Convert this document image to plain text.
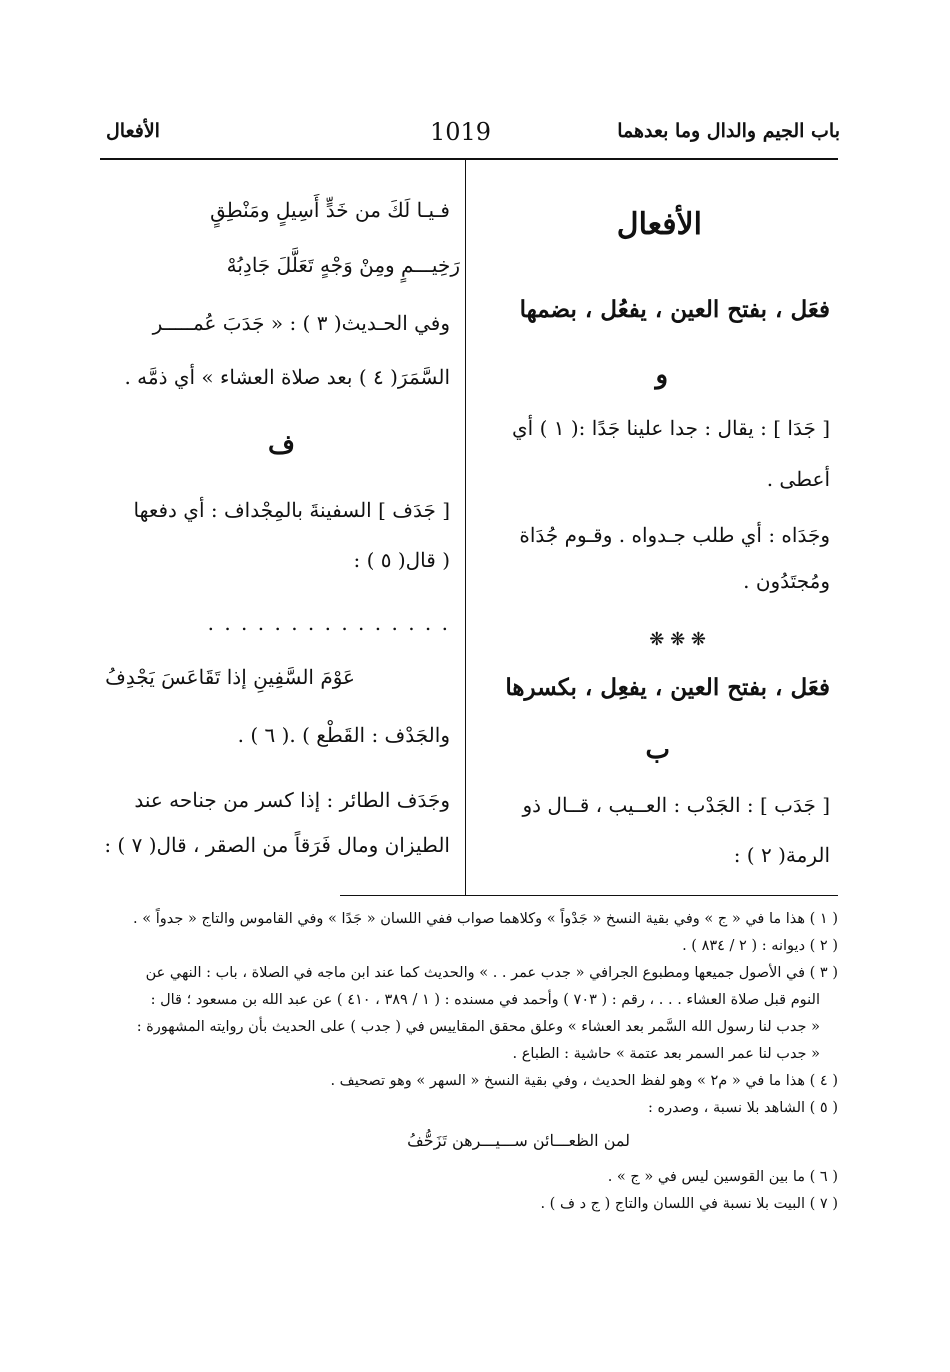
باب الجيم والدال وما بعدهما
1019
الأفعال
الأفعال
فعَل ، بفتح العين ، يفعُل ، بضمها
و
[ جَدَا ] : يقال : جدا علينا جَدًا :( ١ ) أي
أعطى .
وجَدَاه : أي طلب جـدواه . وقـوم جُدَاة
ومُجتَدُون .
❋ ❋ ❋
فعَل ، بفتح العين ، يفعِل ، بكسرها
ب
[ جَدَب ] : الجَدْب : العــيب ، قــال ذو
الرمة( ٢ ) :
فـيـا لَكَ من خَدٍّ أَسِيلٍ ومَنْطِقٍ
رَخِيـــمٍ ومِنْ وَجْهٍ تَعَلَّلَ جَادِبُهْ
وفي الحـديث( ٣ ) : « جَدَبَ عُمـــــر
السَّمَرَ( ٤ ) بعد صلاة العشاء » أي ذمَّه .
ف
[ جَدَف ] السفينةَ بالمِجْداف : أي دفعها
( قال( ٥ ) :
. . . . . . . . . . . . . . .
عَوْمَ السَّفِينِ إذا تَقَاعَسَ يَجْدِفُ
والجَدْف : القَطْع ) .( ٦ ) .
وجَدَف الطائر : إذا كسر من جناحه عند
الطيزان ومال فَرَقاً من الصقر ، قال( ٧ ) :
( ١ ) هذا ما في « ج » وفي بقية النسخ « جَدْواً » وكلاهما صواب ففي اللسان « جَدًا » وفي القاموس والتاج « جدواً » .
( ٢ ) ديوانه : ( ٢ / ٨٣٤ ) .
( ٣ ) في الأصول جميعها ومطبوع الجرافي « جدب عمر . . » والحديث كما عند ابن ماجه في الصلاة ، باب : النهي عن
النوم قبل صلاة العشاء . . . ، رقم : ( ٧٠٣ ) وأحمد في مسنده : ( ١ / ٣٨٩ ، ٤١٠ ) عن عبد الله بن مسعود ؛ قال :
« جدب لنا رسول الله السَّمر بعد العشاء » وعلق محقق المقاييس في ( جدب ) على الحديث بأن روايته المشهورة :
« جدب لنا عمر السمر بعد عتمة » حاشية : الطباع .
( ٤ ) هذا ما في « م٢ » وهو لفظ الحديث ، وفي بقية النسخ « السهر » وهو تصحيف .
( ٥ ) الشاهد بلا نسبة ، وصدره :
لمن الظعـــائن ســـيـــرهن تَزَحُّفُ
( ٦ ) ما بين القوسين ليس في « ج » .
( ٧ ) البيت بلا نسبة في اللسان والتاج ( ج د ف ) .
